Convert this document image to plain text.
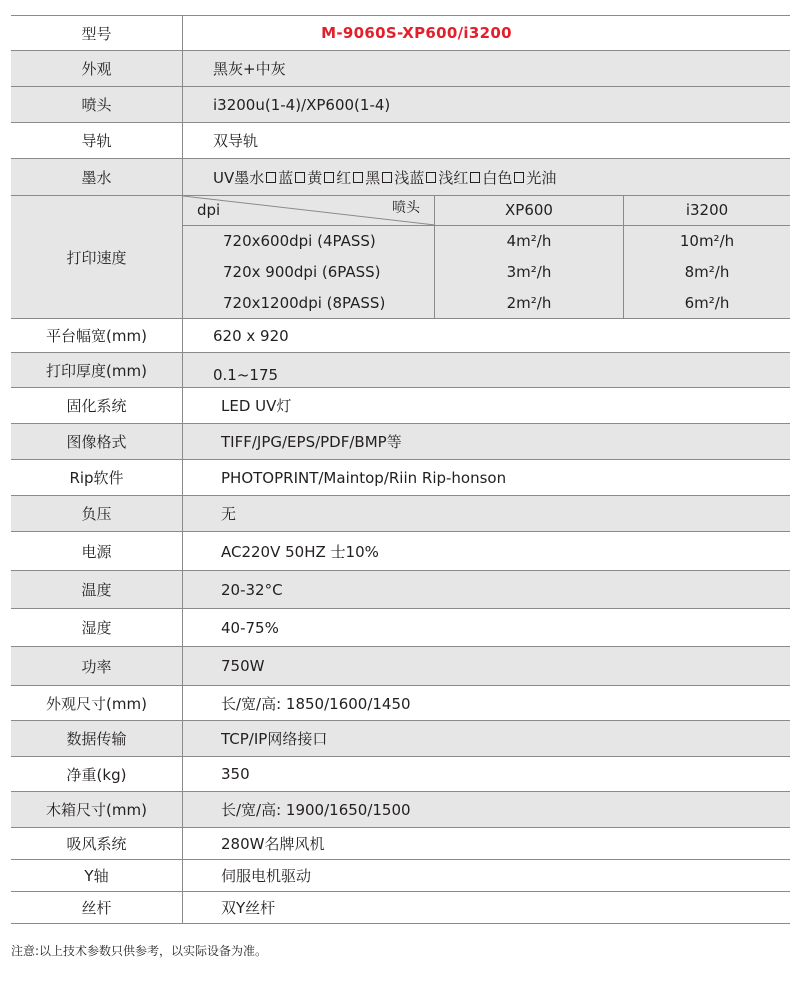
型号	M-9060S-XP600/i3200
外观	黑灰+中灰
喷头	i3200u(1-4)/XP600(1-4)
导轨	双导轨
墨水	UV墨水 蓝 黄 红 黑 浅蓝 浅红 白色 光油
打印速度
dpi	喷头	XP600	i3200
720x600dpi (4PASS)	4m²/h	10m²/h
720x 900dpi (6PASS)	3m²/h	8m²/h
720x1200dpi (8PASS)	2m²/h	6m²/h
平台幅宽(mm)	620 x 920
打印厚度(mm)	0.1~175
固化系统	LED UV灯
图像格式	TIFF/JPG/EPS/PDF/BMP等
Rip软件	PHOTOPRINT/Maintop/Riin Rip-honson
负压	无
电源	AC220V 50HZ 士10%
温度	20-32°C
湿度	40-75%
功率	750W
外观尺寸(mm)	长/宽/高: 1850/1600/1450
数据传输	TCP/IP网络接口
净重(kg)	350
木箱尺寸(mm)	长/宽/高: 1900/1650/1500
吸风系统	280W名牌风机
Y轴	伺服电机驱动
丝杆	双Y丝杆
注意:以上技术参数只供参考，以实际设备为准。
